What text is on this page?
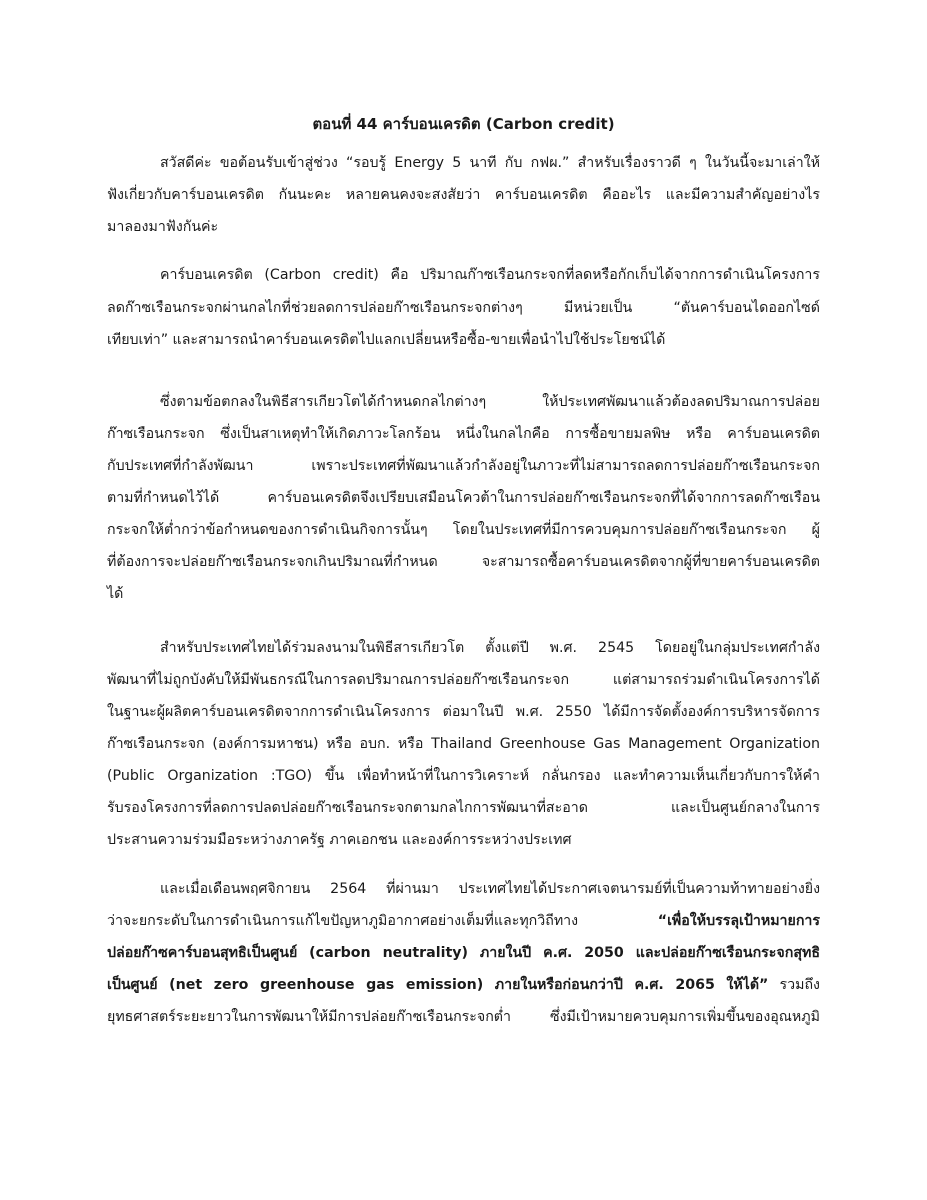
ตอนที่ 44 คาร์บอนเครดิต (Carbon credit)
สวัสดีค่ะ ขอต้อนรับเข้าสู่ช่วง “รอบรู้ Energy 5 นาที กับ กฟผ.” สำหรับเรื่องราวดี ๆ ในวันนี้จะมาเล่าให้
ฟังเกี่ยวกับคาร์บอนเครดิต กันนะคะ หลายคนคงจะสงสัยว่า คาร์บอนเครดิต คืออะไร และมีความสำคัญอย่างไร
มาลองมาฟังกันค่ะ
คาร์บอนเครดิต (Carbon credit) คือ ปริมาณก๊าซเรือนกระจกที่ลดหรือกักเก็บได้จากการดำเนินโครงการ
ลดก๊าซเรือนกระจกผ่านกลไกที่ช่วยลดการปล่อยก๊าซเรือนกระจกต่างๆ มีหน่วยเป็น “ตันคาร์บอนไดออกไซด์
เทียบเท่า” และสามารถนำคาร์บอนเครดิตไปแลกเปลี่ยนหรือซื้อ-ขายเพื่อนำไปใช้ประโยชน์ได้
ซึ่งตามข้อตกลงในพิธีสารเกียวโตได้กำหนดกลไกต่างๆ ให้ประเทศพัฒนาแล้วต้องลดปริมาณการปล่อย
ก๊าซเรือนกระจก ซึ่งเป็นสาเหตุทำให้เกิดภาวะโลกร้อน หนึ่งในกลไกคือ การซื้อขายมลพิษ หรือ คาร์บอนเครดิต
กับประเทศที่กำลังพัฒนา เพราะประเทศที่พัฒนาแล้วกำลังอยู่ในภาวะที่ไม่สามารถลดการปล่อยก๊าซเรือนกระจก
ตามที่กำหนดไว้ได้ คาร์บอนเครดิตจึงเปรียบเสมือนโควต้าในการปล่อยก๊าซเรือนกระจกที่ได้จากการลดก๊าซเรือน
กระจกให้ต่ำกว่าข้อกำหนดของการดำเนินกิจการนั้นๆ โดยในประเทศที่มีการควบคุมการปล่อยก๊าซเรือนกระจก ผู้
ที่ต้องการจะปล่อยก๊าซเรือนกระจกเกินปริมาณที่กำหนด จะสามารถซื้อคาร์บอนเครดิตจากผู้ที่ขายคาร์บอนเครดิต
ได้
สำหรับประเทศไทยได้ร่วมลงนามในพิธีสารเกียวโต ตั้งแต่ปี พ.ศ. 2545 โดยอยู่ในกลุ่มประเทศกำลัง
พัฒนาที่ไม่ถูกบังคับให้มีพันธกรณีในการลดปริมาณการปล่อยก๊าซเรือนกระจก แต่สามารถร่วมดำเนินโครงการได้
ในฐานะผู้ผลิตคาร์บอนเครดิตจากการดำเนินโครงการ ต่อมาในปี พ.ศ. 2550 ได้มีการจัดตั้งองค์การบริหารจัดการ
ก๊าซเรือนกระจก (องค์การมหาชน) หรือ อบก. หรือ Thailand Greenhouse Gas Management Organization
(Public Organization :TGO) ขึ้น เพื่อทำหน้าที่ในการวิเคราะห์ กลั่นกรอง และทำความเห็นเกี่ยวกับการให้คำ
รับรองโครงการที่ลดการปลดปล่อยก๊าซเรือนกระจกตามกลไกการพัฒนาที่สะอาด และเป็นศูนย์กลางในการ
ประสานความร่วมมือระหว่างภาครัฐ ภาคเอกชน และองค์การระหว่างประเทศ
และเมื่อเดือนพฤศจิกายน 2564 ที่ผ่านมา ประเทศไทยได้ประกาศเจตนารมย์ที่เป็นความท้าทายอย่างยิ่ง
ว่าจะยกระดับในการดำเนินการแก้ไขปัญหาภูมิอากาศอย่างเต็มที่และทุกวิถีทาง	“เพื่อให้บรรลุเป้าหมายการ
ปล่อยก๊าซคาร์บอนสุทธิเป็นศูนย์ (carbon neutrality) ภายในปี ค.ศ. 2050 และปล่อยก๊าซเรือนกระจกสุทธิ
เป็นศูนย์ (net zero greenhouse gas emission) ภายในหรือก่อนกว่าปี ค.ศ. 2065 ให้ได้” รวมถึง
ยุทธศาสตร์ระยะยาวในการพัฒนาให้มีการปล่อยก๊าซเรือนกระจกต่ำ ซึ่งมีเป้าหมายควบคุมการเพิ่มขึ้นของอุณหภูมิ
